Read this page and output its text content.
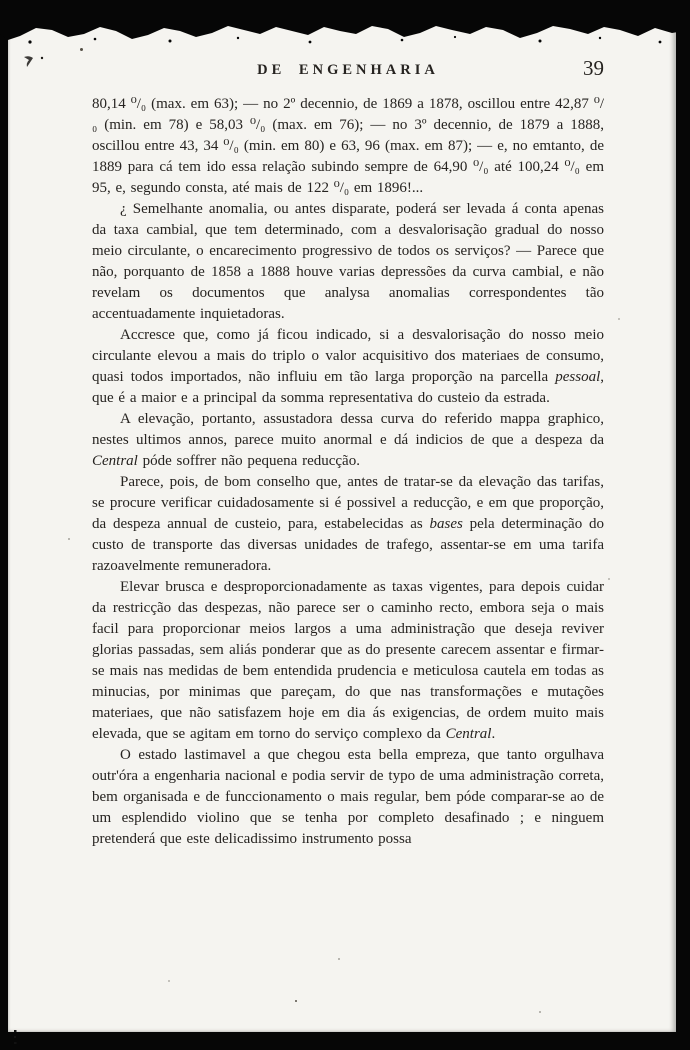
DE ENGENHARIA	39

80,14 ⁰/₀ (max. em 63); — no 2º decennio, de 1869 a 1878, oscillou entre 42,87 ⁰/₀ (min. em 78) e 58,03 ⁰/₀ (max. em 76); — no 3º decennio, de 1879 a 1888, oscillou entre 43, 34 ⁰/₀ (min. em 80) e 63, 96 (max. em 87); — e, no emtanto, de 1889 para cá tem ido essa relação subindo sempre de 64,90 ⁰/₀ até 100,24 ⁰/₀ em 95, e, segundo consta, até mais de 122 ⁰/₀ em 1896!...

¿ Semelhante anomalia, ou antes disparate, poderá ser levada á conta apenas da taxa cambial, que tem determinado, com a desvalorisação gradual do nosso meio circulante, o encarecimento progressivo de todos os serviços? — Parece que não, porquanto de 1858 a 1888 houve varias depressões da curva cambial, e não revelam os documentos que analysa anomalias correspondentes tão accentuadamente inquietadoras.

Accresce que, como já ficou indicado, si a desvalorisação do nosso meio circulante elevou a mais do triplo o valor acquisitivo dos materiaes de consumo, quasi todos importados, não influiu em tão larga proporção na parcella pessoal, que é a maior e a principal da somma representativa do custeio da estrada.

A elevação, portanto, assustadora dessa curva do referido mappa graphico, nestes ultimos annos, parece muito anormal e dá indicios de que a despeza da Central póde soffrer não pequena reducção.

Parece, pois, de bom conselho que, antes de tratar-se da elevação das tarifas, se procure verificar cuidadosamente si é possivel a reducção, e em que proporção, da despeza annual de custeio, para, estabelecidas as bases pela determinação do custo de transporte das diversas unidades de trafego, assentar-se em uma tarifa razoavelmente remuneradora.

Elevar brusca e desproporcionadamente as taxas vigentes, para depois cuidar da restricção das despezas, não parece ser o caminho recto, embora seja o mais facil para proporcionar meios largos a uma administração que deseja reviver glorias passadas, sem aliás ponderar que as do presente carecem assentar e firmar-se mais nas medidas de bem entendida prudencia e meticulosa cautela em todas as minucias, por minimas que pareçam, do que nas transformações e mutações materiaes, que não satisfazem hoje em dia ás exigencias, de ordem muito mais elevada, que se agitam em torno do serviço complexo da Central.

O estado lastimavel a que chegou esta bella empreza, que tanto orgulhava outr'óra a engenharia nacional e podia servir de typo de uma administração correta, bem organisada e de funccionamento o mais regular, bem póde comparar-se ao de um esplendido violino que se tenha por completo desafinado ; e ninguem pretenderá que este delicadissimo instrumento possa
